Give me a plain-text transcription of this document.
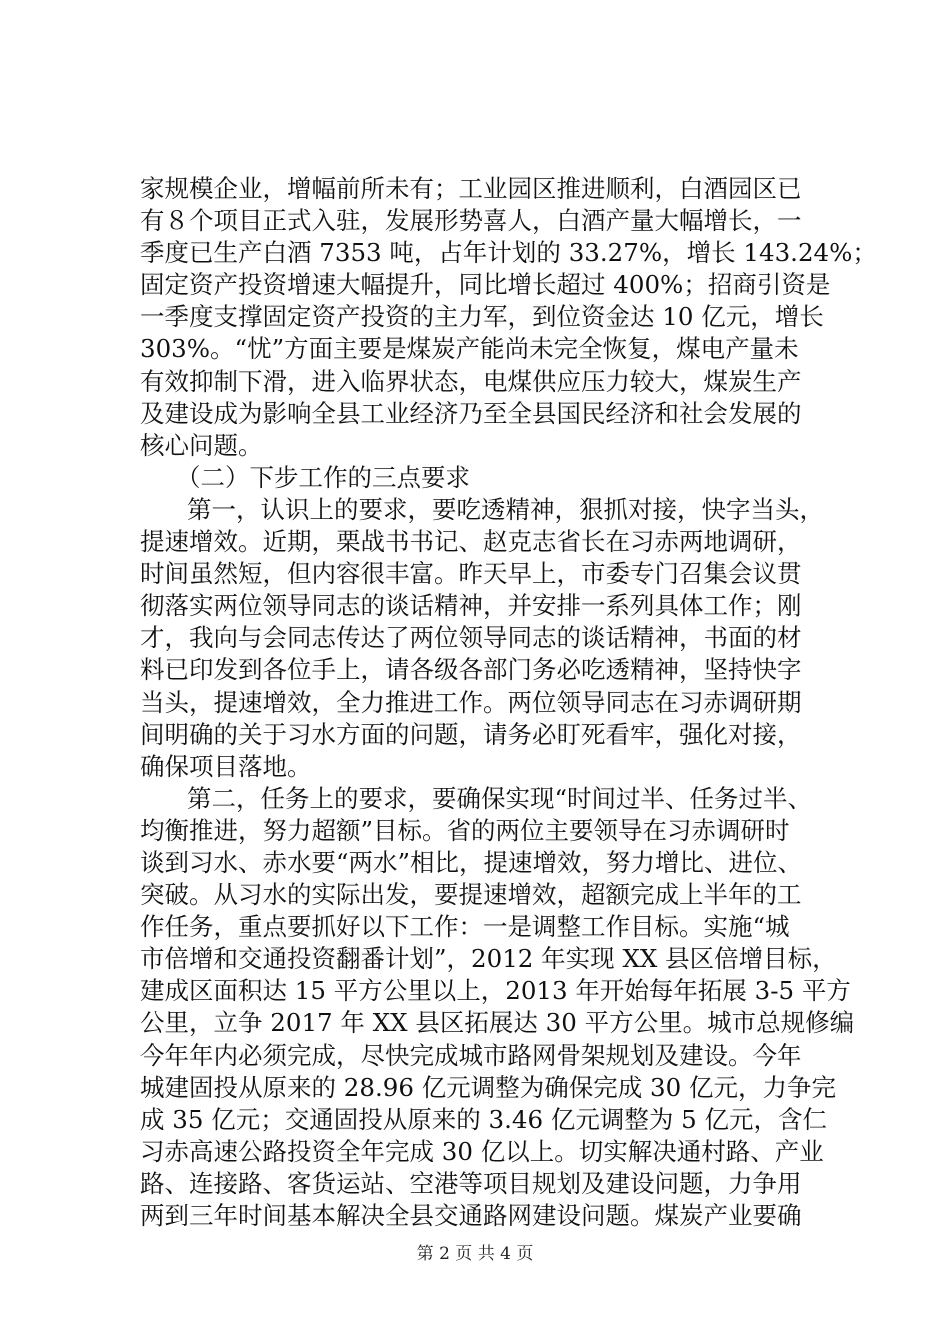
家规模企业，增幅前所未有；工业园区推进顺利，白酒园区已
有８个项目正式入驻，发展形势喜人，白酒产量大幅增长，一
季度已生产白酒 7353 吨，占年计划的 33.27%，增长 143.24%；
固定资产投资增速大幅提升，同比增长超过 400%；招商引资是
一季度支撑固定资产投资的主力军，到位资金达 10 亿元，增长
303%。“忧”方面主要是煤炭产能尚未完全恢复，煤电产量未
有效抑制下滑，进入临界状态，电煤供应压力较大，煤炭生产
及建设成为影响全县工业经济乃至全县国民经济和社会发展的
核心问题。
（二）下步工作的三点要求
第一，认识上的要求，要吃透精神，狠抓对接，快字当头，
提速增效。近期，栗战书书记、赵克志省长在习赤两地调研，
时间虽然短，但内容很丰富。昨天早上，市委专门召集会议贯
彻落实两位领导同志的谈话精神，并安排一系列具体工作；刚
才，我向与会同志传达了两位领导同志的谈话精神，书面的材
料已印发到各位手上，请各级各部门务必吃透精神，坚持快字
当头，提速增效，全力推进工作。两位领导同志在习赤调研期
间明确的关于习水方面的问题，请务必盯死看牢，强化对接，
确保项目落地。
第二，任务上的要求，要确保实现“时间过半、任务过半、
均衡推进，努力超额”目标。省的两位主要领导在习赤调研时
谈到习水、赤水要“两水”相比，提速增效，努力增比、进位、
突破。从习水的实际出发，要提速增效，超额完成上半年的工
作任务，重点要抓好以下工作：一是调整工作目标。实施“城
市倍增和交通投资翻番计划”，2012 年实现 XX 县区倍增目标，
建成区面积达 15 平方公里以上，2013 年开始每年拓展 3-5 平方
公里，立争 2017 年 XX 县区拓展达 30 平方公里。城市总规修编
今年年内必须完成，尽快完成城市路网骨架规划及建设。今年
城建固投从原来的 28.96 亿元调整为确保完成 30 亿元，力争完
成 35 亿元；交通固投从原来的 3.46 亿元调整为 5 亿元，含仁
习赤高速公路投资全年完成 30 亿以上。切实解决通村路、产业
路、连接路、客货运站、空港等项目规划及建设问题，力争用
两到三年时间基本解决全县交通路网建设问题。煤炭产业要确
第 2 页 共 4 页
